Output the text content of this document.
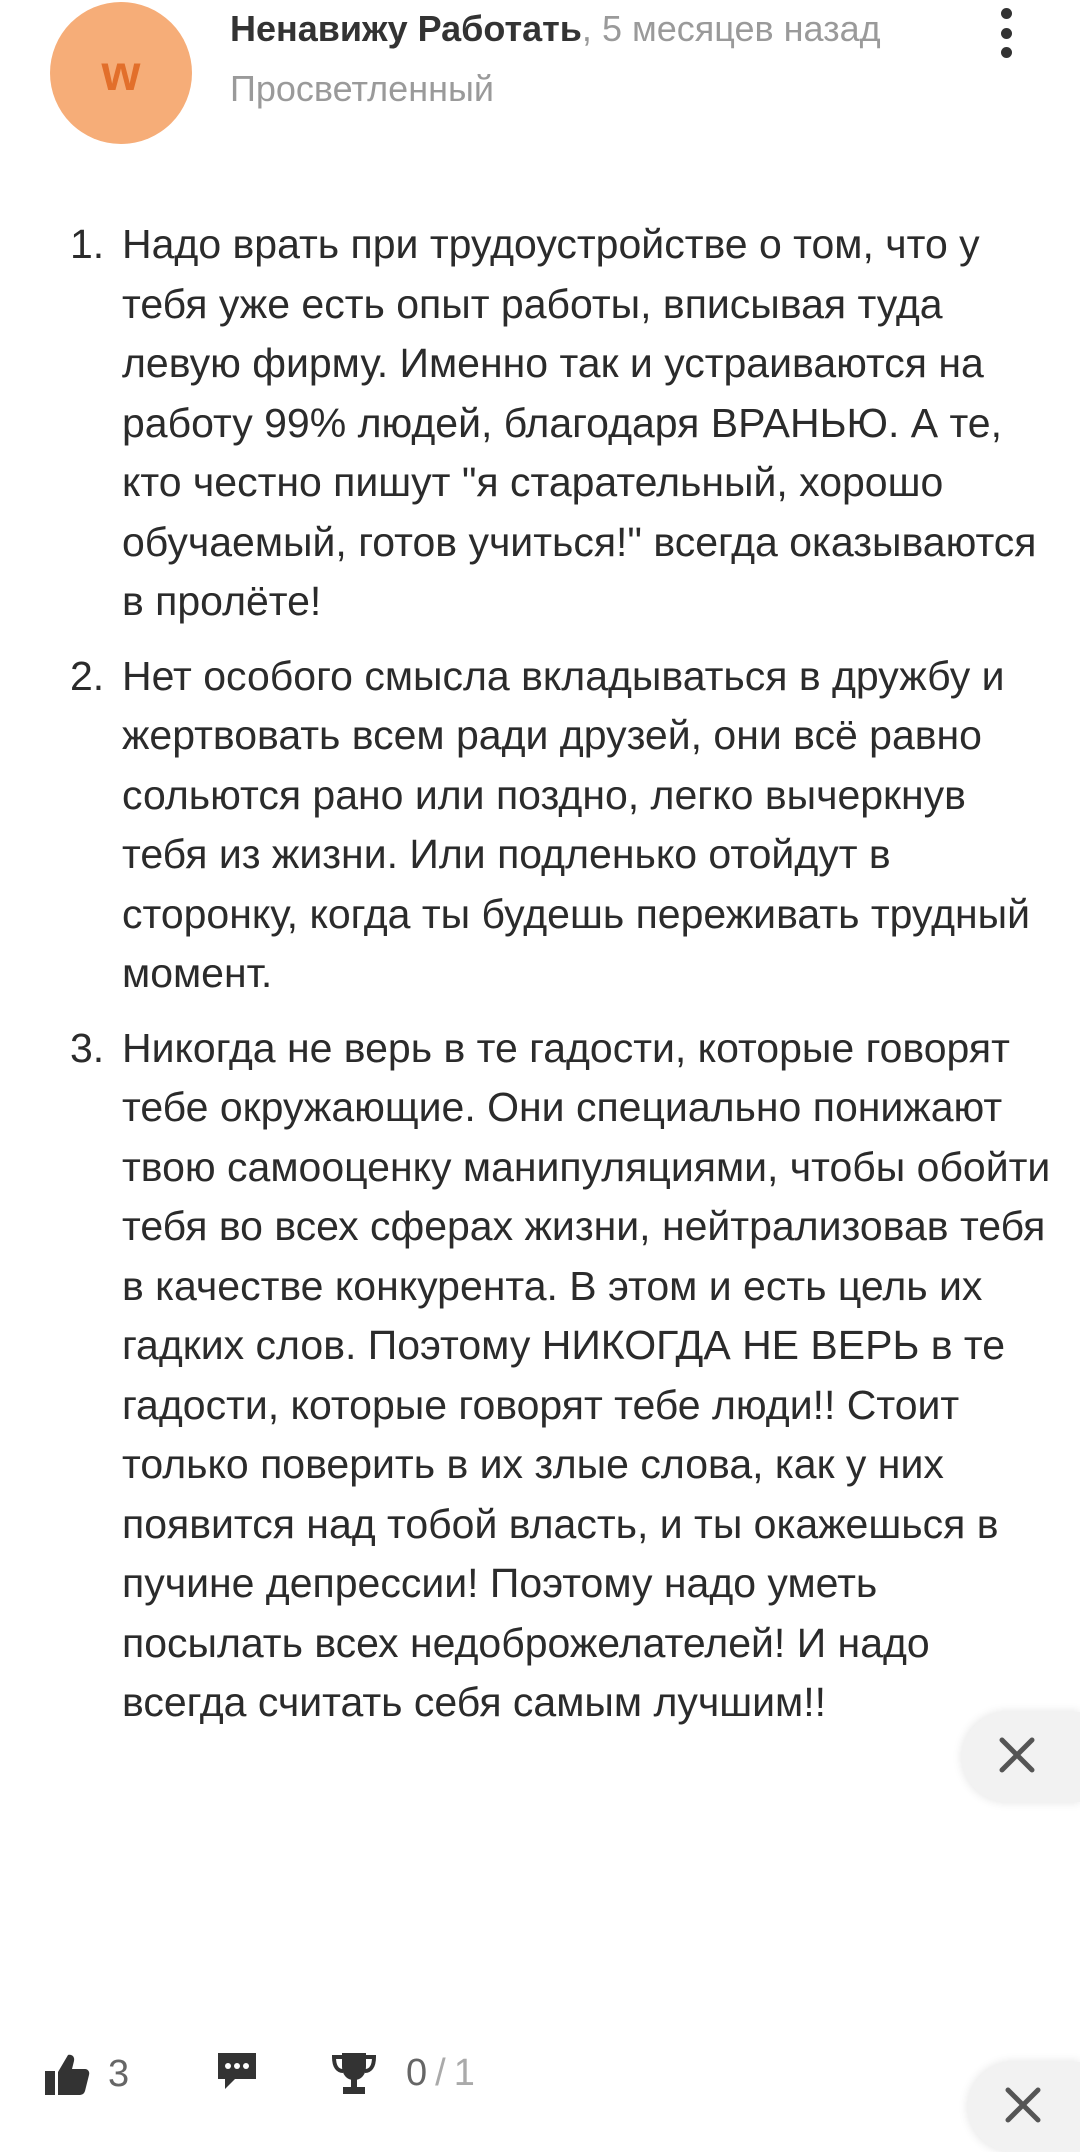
w
Ненавижу Работать, 5 месяцев назад
Просветленный
1. Надо врать при трудоустройстве о том, что у тебя уже есть опыт работы, вписывая туда левую фирму. Именно так и устраиваются на работу 99% людей, благодаря ВРАНЬЮ. А те, кто честно пишут "я старательный, хорошо обучаемый, готов учиться!" всегда оказываются в пролёте!
2. Нет особого смысла вкладываться в дружбу и жертвовать всем ради друзей, они всё равно сольются рано или поздно, легко вычеркнув тебя из жизни. Или подленько отойдут в сторонку, когда ты будешь переживать трудный момент.
3. Никогда не верь в те гадости, которые говорят тебе окружающие. Они специально понижают твою самооценку манипуляциями, чтобы обойти тебя во всех сферах жизни, нейтрализовав тебя в качестве конкурента. В этом и есть цель их гадких слов. Поэтому НИКОГДА НЕ ВЕРЬ в те гадости, которые говорят тебе люди!! Стоит только поверить в их злые слова, как у них появится над тобой власть, и ты окажешься в пучине депрессии! Поэтому надо уметь посылать всех недоброжелателей! И надо всегда считать себя самым лучшим!!
3	0 / 1
